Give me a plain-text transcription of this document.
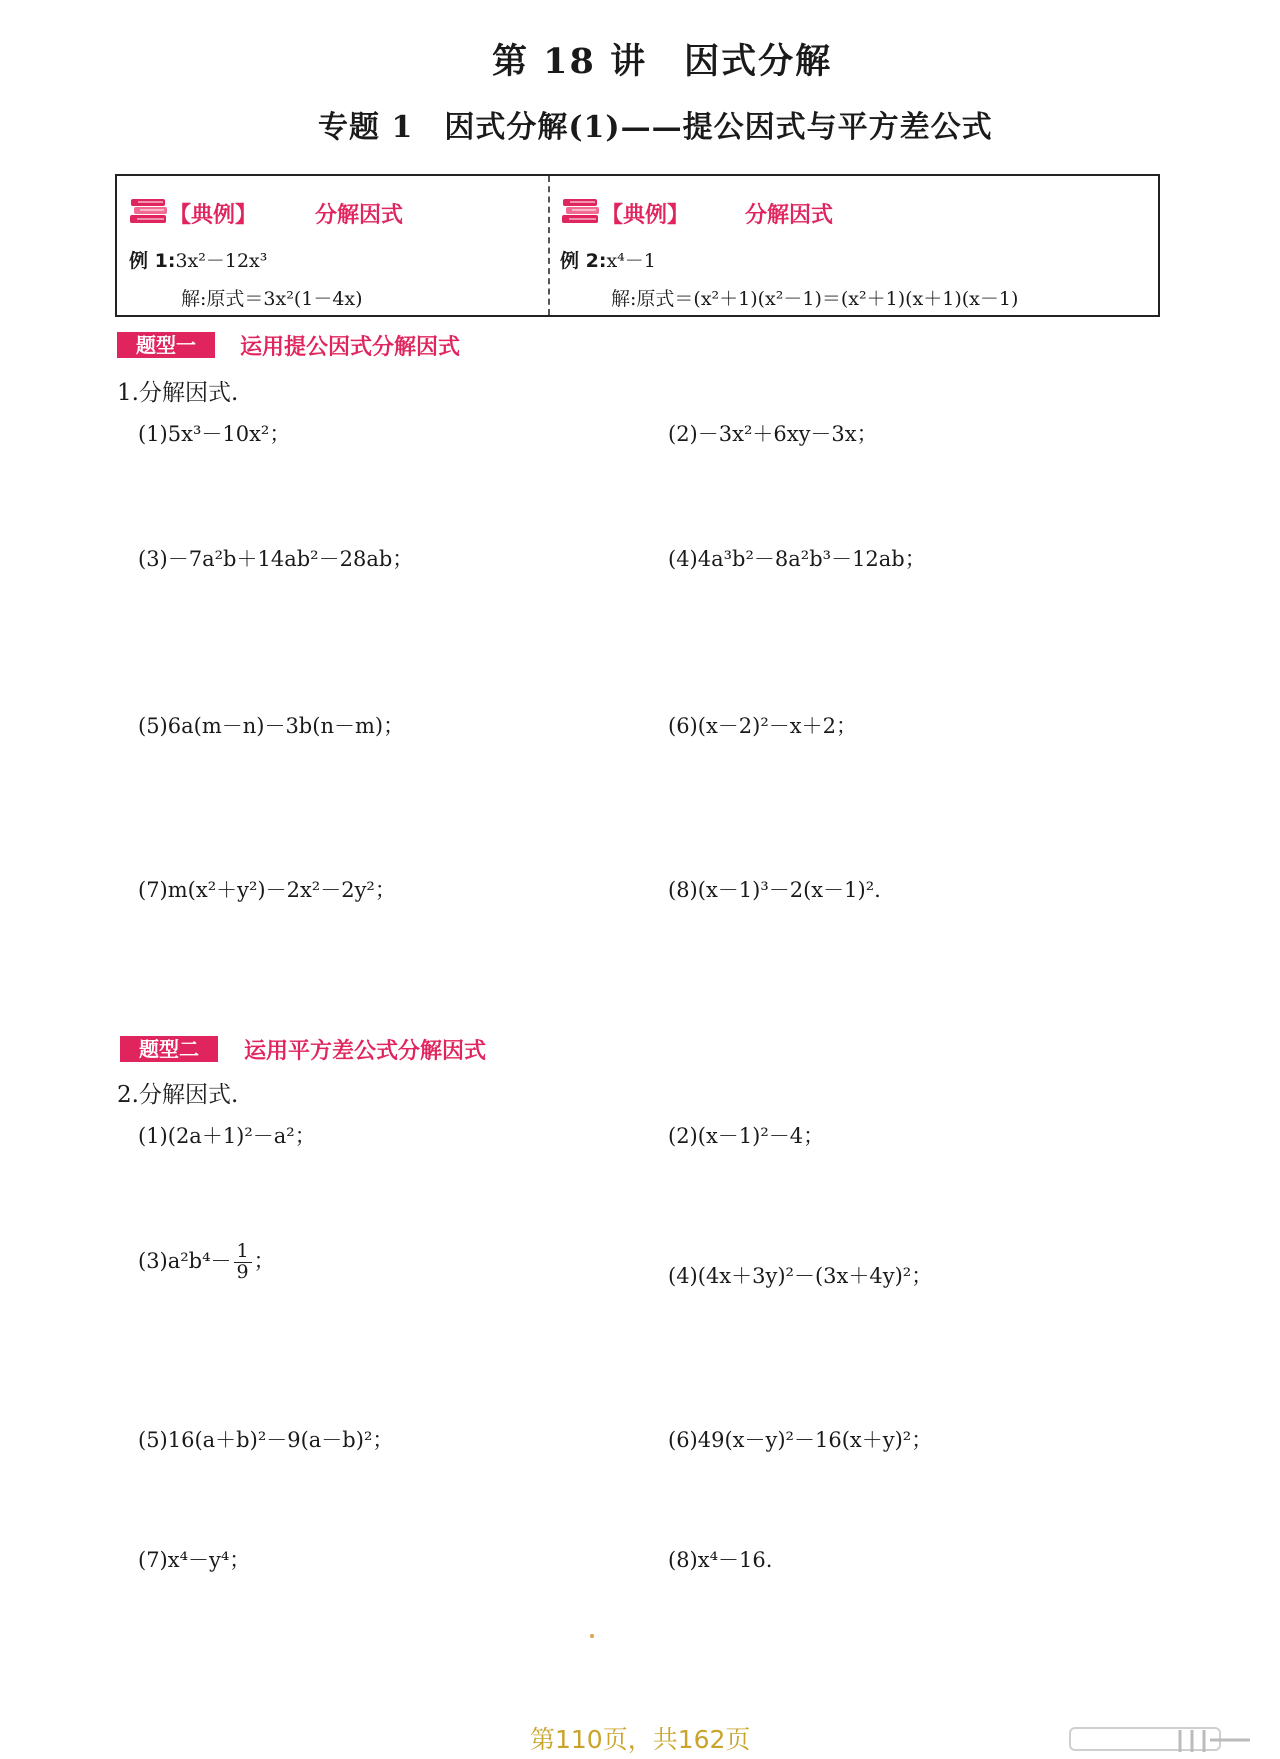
第 18 讲　因式分解
专题 1　因式分解(1)——提公因式与平方差公式
【典例】	分解因式
例 1:3x²－12x³
解:原式＝3x²(1－4x)
【典例】	分解因式
例 2:x⁴－1
解:原式＝(x²＋1)(x²－1)＝(x²＋1)(x＋1)(x－1)
题型一	运用提公因式分解因式
1.分解因式.
(1)5x³－10x²；	(2)－3x²＋6xy－3x；
(3)－7a²b＋14ab²－28ab；	(4)4a³b²－8a²b³－12ab；
(5)6a(m－n)－3b(n－m)；	(6)(x－2)²－x＋2；
(7)m(x²＋y²)－2x²－2y²；	(8)(x－1)³－2(x－1)².
题型二	运用平方差公式分解因式
2.分解因式.
(1)(2a＋1)²－a²；	(2)(x－1)²－4；
$(3)a^2b^4- \frac{1}{9}$ ；
(4)(4x＋3y)²－(3x＋4y)²；
(5)16(a＋b)²－9(a－b)²；	(6)49(x－y)²－16(x＋y)²；
(7)x⁴－y⁴；	(8)x⁴－16.
第110页，共162页
